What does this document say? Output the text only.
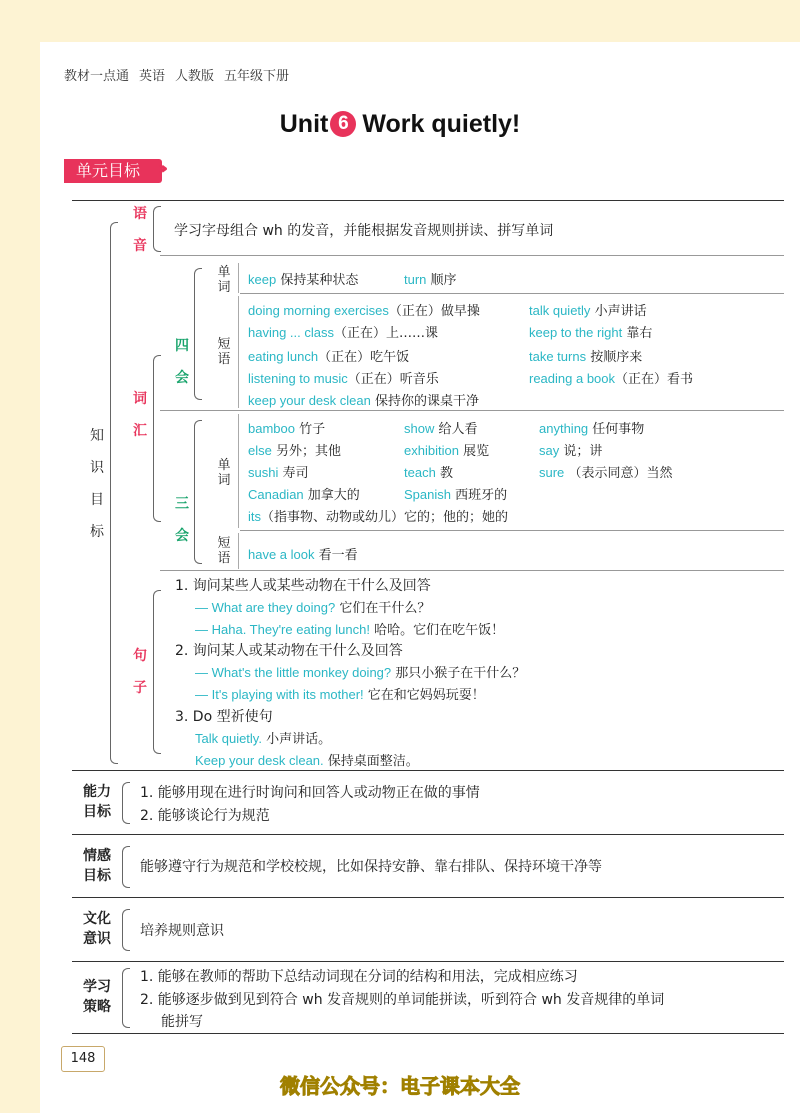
教材一点通 英语 人教版 五年级下册
Unit 6 Work quietly!
单元目标 ›››
知
识
目
标
语
音
学习字母组合 wh 的发音，并能根据发音规则拼读、拼写单词
词
汇
四
会
单
词
keep 保持某种状态	turn 顺序
短
语
doing morning exercises（正在）做早操	talk quietly 小声讲话
having ... class（正在）上……课	keep to the right 靠右
eating lunch（正在）吃午饭	take turns 按顺序来
listening to music（正在）听音乐	reading a book（正在）看书
keep your desk clean 保持你的课桌干净
三
会
单
词
bamboo 竹子	show 给人看	anything 任何事物
else 另外；其他	exhibition 展览	say 说；讲
sushi 寿司	teach 教	sure （表示同意）当然
Canadian 加拿大的	Spanish 西班牙的
its（指事物、动物或幼儿）它的；他的；她的
短
语 have a look 看一看
句
子
1. 询问某些人或某些动物在干什么及回答
— What are they doing? 它们在干什么？
— Haha. They're eating lunch! 哈哈。它们在吃午饭！
2. 询问某人或某动物在干什么及回答
— What's the little monkey doing? 那只小猴子在干什么？
— It's playing with its mother! 它在和它妈妈玩耍！
3. Do 型祈使句
Talk quietly. 小声讲话。
Keep your desk clean. 保持桌面整洁。
能力
目标
1. 能够用现在进行时询问和回答人或动物正在做的事情
2. 能够谈论行为规范
情感
目标
能够遵守行为规范和学校校规，比如保持安静、靠右排队、保持环境干净等
文化
意识 培养规则意识
学习
策略
1. 能够在教师的帮助下总结动词现在分词的结构和用法，完成相应练习
2. 能够逐步做到见到符合 wh 发音规则的单词能拼读，听到符合 wh 发音规律的单词
能拼写
148
微信公众号：电子课本大全
